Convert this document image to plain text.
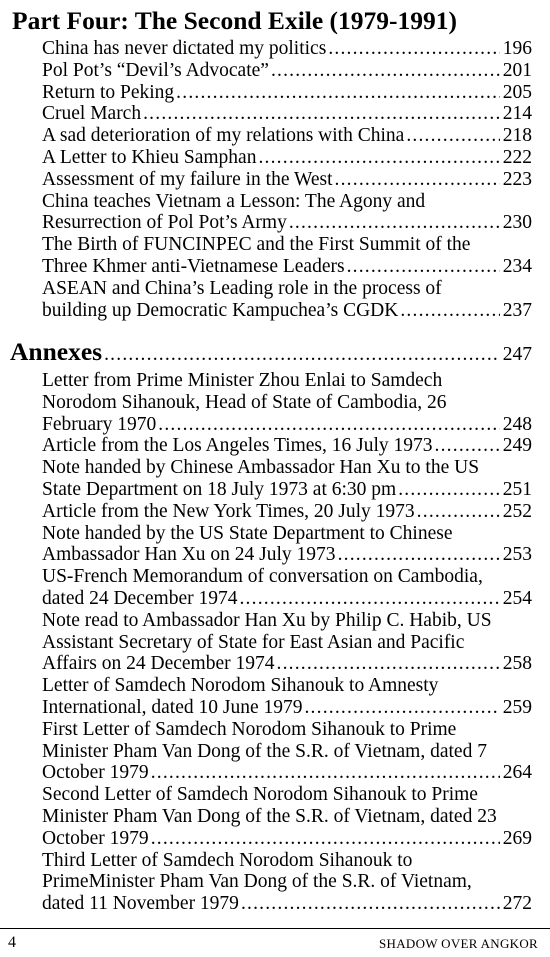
Part Four: The Second Exile (1979-1991)
China has never dictated my politics .....	196
Pol Pot’s “Devil’s Advocate” .....	201
Return to Peking .....	205
Cruel March .....	214
A sad deterioration of my relations with China .....	218
A Letter to Khieu Samphan .....	222
Assessment of my failure in the West .....	223
China teaches Vietnam a Lesson: The Agony and
Resurrection of Pol Pot’s Army .....	230
The Birth of FUNCINPEC and the First Summit of the
Three Khmer anti-Vietnamese Leaders .....	234
ASEAN and China’s Leading role in the process of
building up Democratic Kampuchea’s CGDK .....	237
Annexes .....	247
Letter from Prime Minister Zhou Enlai to Samdech
Norodom Sihanouk, Head of State of Cambodia, 26
February 1970 .....	248
Article from the Los Angeles Times, 16 July 1973 .....	249
Note handed by Chinese Ambassador Han Xu to the US
State Department on 18 July 1973 at 6:30 pm .....	251
Article from the New York Times, 20 July 1973 .....	252
Note handed by the US State Department to Chinese
Ambassador Han Xu on 24 July 1973 .....	253
US-French Memorandum of conversation on Cambodia,
dated 24 December 1974 .....	254
Note read to Ambassador Han Xu by Philip C. Habib, US
Assistant Secretary of State for East Asian and Pacific
Affairs on 24 December 1974 .....	258
Letter of Samdech Norodom Sihanouk to Amnesty
International, dated 10 June 1979 .....	259
First Letter of Samdech Norodom Sihanouk to Prime
Minister Pham Van Dong of the S.R. of Vietnam, dated 7
October 1979 .....	264
Second Letter of Samdech Norodom Sihanouk to Prime
Minister Pham Van Dong of the S.R. of Vietnam, dated 23
October 1979 .....	269
Third Letter of Samdech Norodom Sihanouk to
PrimeMinister Pham Van Dong of the S.R. of Vietnam,
dated 11 November 1979 .....	272
4	SHADOW OVER ANGKOR
